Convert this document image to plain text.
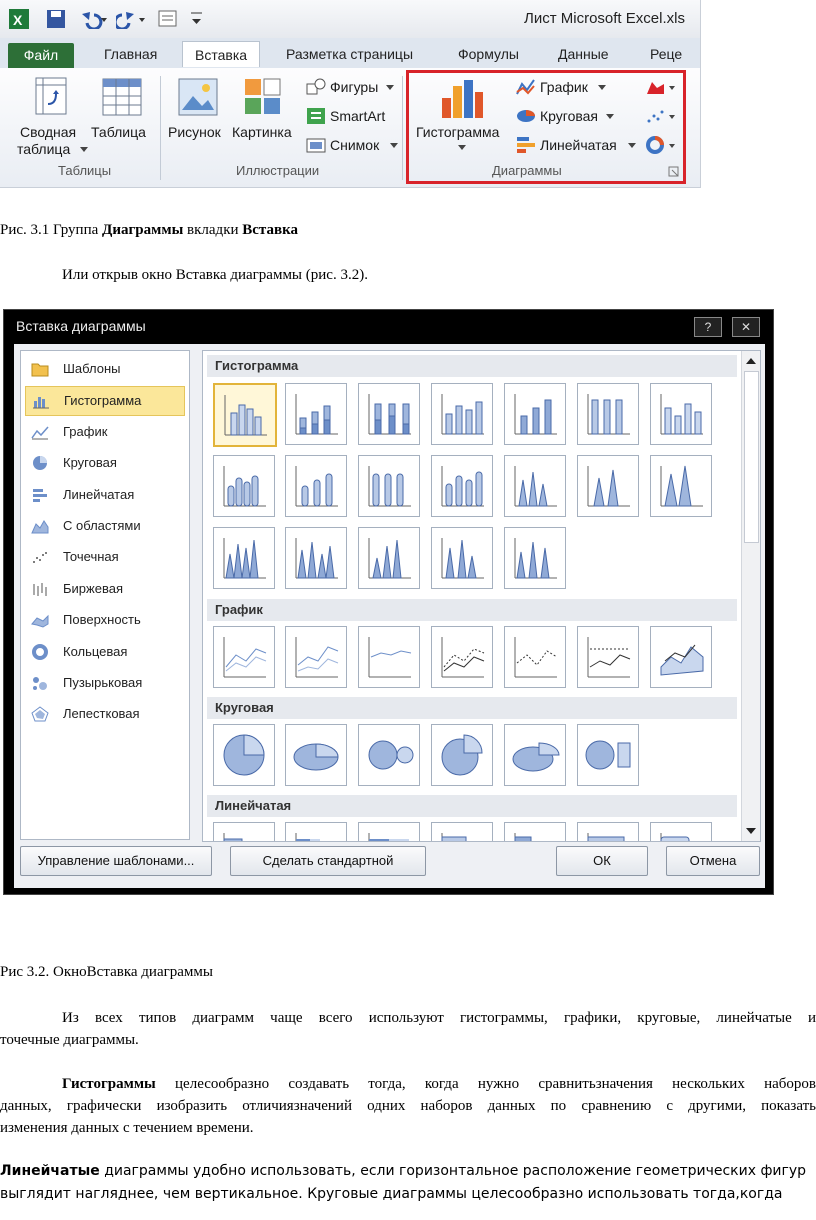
X	Лист Microsoft Excel.xls
Файл	Главная	Вставка	Разметка страницы	Формулы	Данные	Реце
Сводная
таблица
Таблица
Таблицы
Рисунок Картинка
Фигуры
SmartArt
Снимок
Иллюстрации
Гистограмма
График
Круговая
Линейчатая
Диаграммы
Рис. 3.1 Группа Диаграммы вкладки Вставка
Или открыв окно Вставка диаграммы (рис. 3.2).
Вставка диаграммы	?	✕
Шаблоны
Гистограмма
График
Круговая
Линейчатая
С областями
Точечная
Биржевая
Поверхность
Кольцевая
Пузырьковая
Лепестковая
Гистограмма
График
Круговая
Линейчатая
Управление шаблонами...	Сделать стандартной	ОК	Отмена
Рис 3.2. ОкноВставка диаграммы
Из всех типов диаграмм чаще всего используют гистограммы, графики, круговые, линейчатые и
точечные диаграммы.
Гистограммы целесообразно создавать тогда, когда нужно сравнитьзначения нескольких наборов
данных, графически изобразить отличиязначений одних наборов данных по сравнению с другими, показать
изменения данных с течением времени.
Линейчатые диаграммы удобно использовать, если горизонтальное расположение геометрических фигур
выглядит нагляднее, чем вертикальное. Круговые диаграммы целесообразно использовать тогда,когда
